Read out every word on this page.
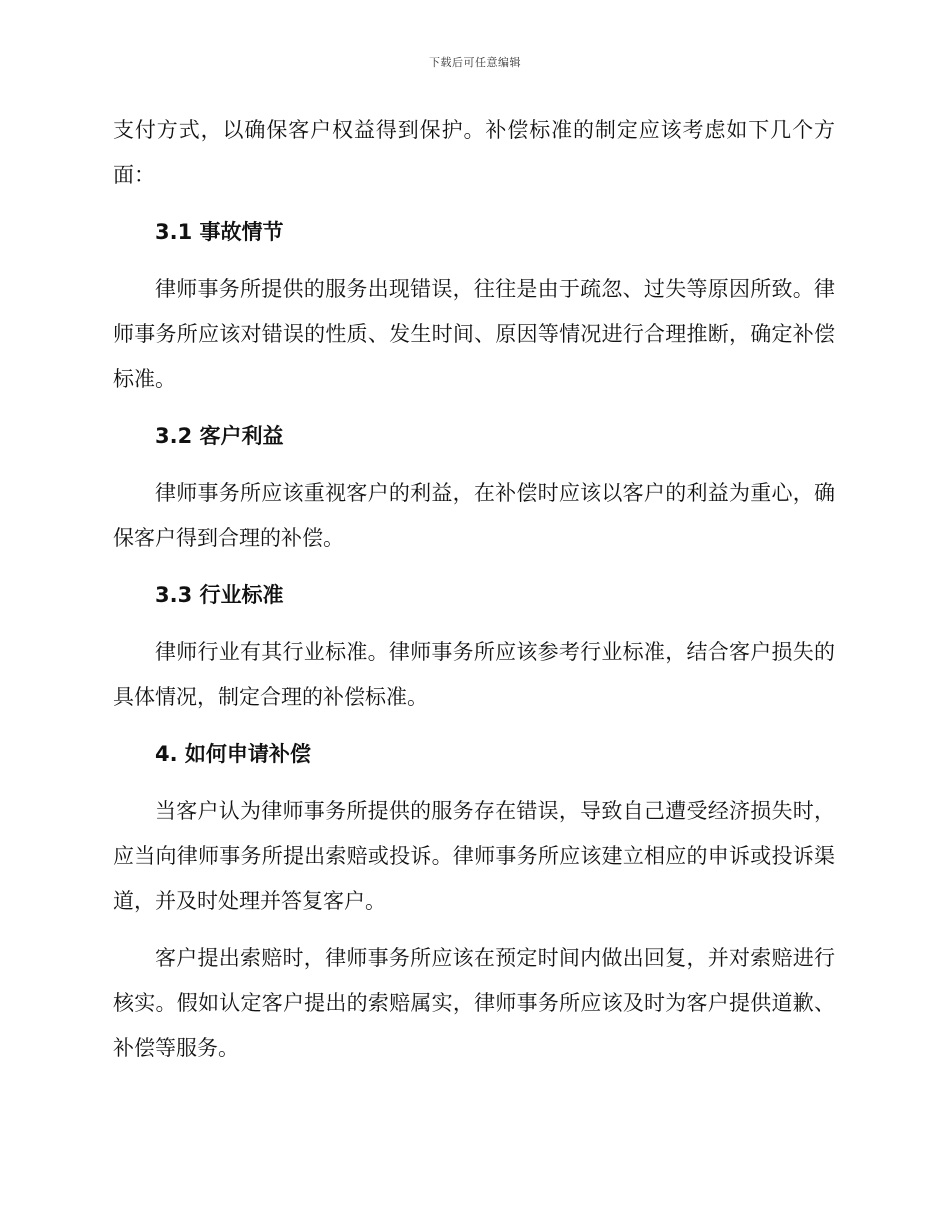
下载后可任意编辑

支付方式，以确保客户权益得到保护。补偿标准的制定应该考虑如下几个方面：

3.1 事故情节

律师事务所提供的服务出现错误，往往是由于疏忽、过失等原因所致。律师事务所应该对错误的性质、发生时间、原因等情况进行合理推断，确定补偿标准。

3.2 客户利益

律师事务所应该重视客户的利益，在补偿时应该以客户的利益为重心，确保客户得到合理的补偿。

3.3 行业标准

律师行业有其行业标准。律师事务所应该参考行业标准，结合客户损失的具体情况，制定合理的补偿标准。

4. 如何申请补偿

当客户认为律师事务所提供的服务存在错误，导致自己遭受经济损失时，应当向律师事务所提出索赔或投诉。律师事务所应该建立相应的申诉或投诉渠道，并及时处理并答复客户。

客户提出索赔时，律师事务所应该在预定时间内做出回复，并对索赔进行核实。假如认定客户提出的索赔属实，律师事务所应该及时为客户提供道歉、补偿等服务。
